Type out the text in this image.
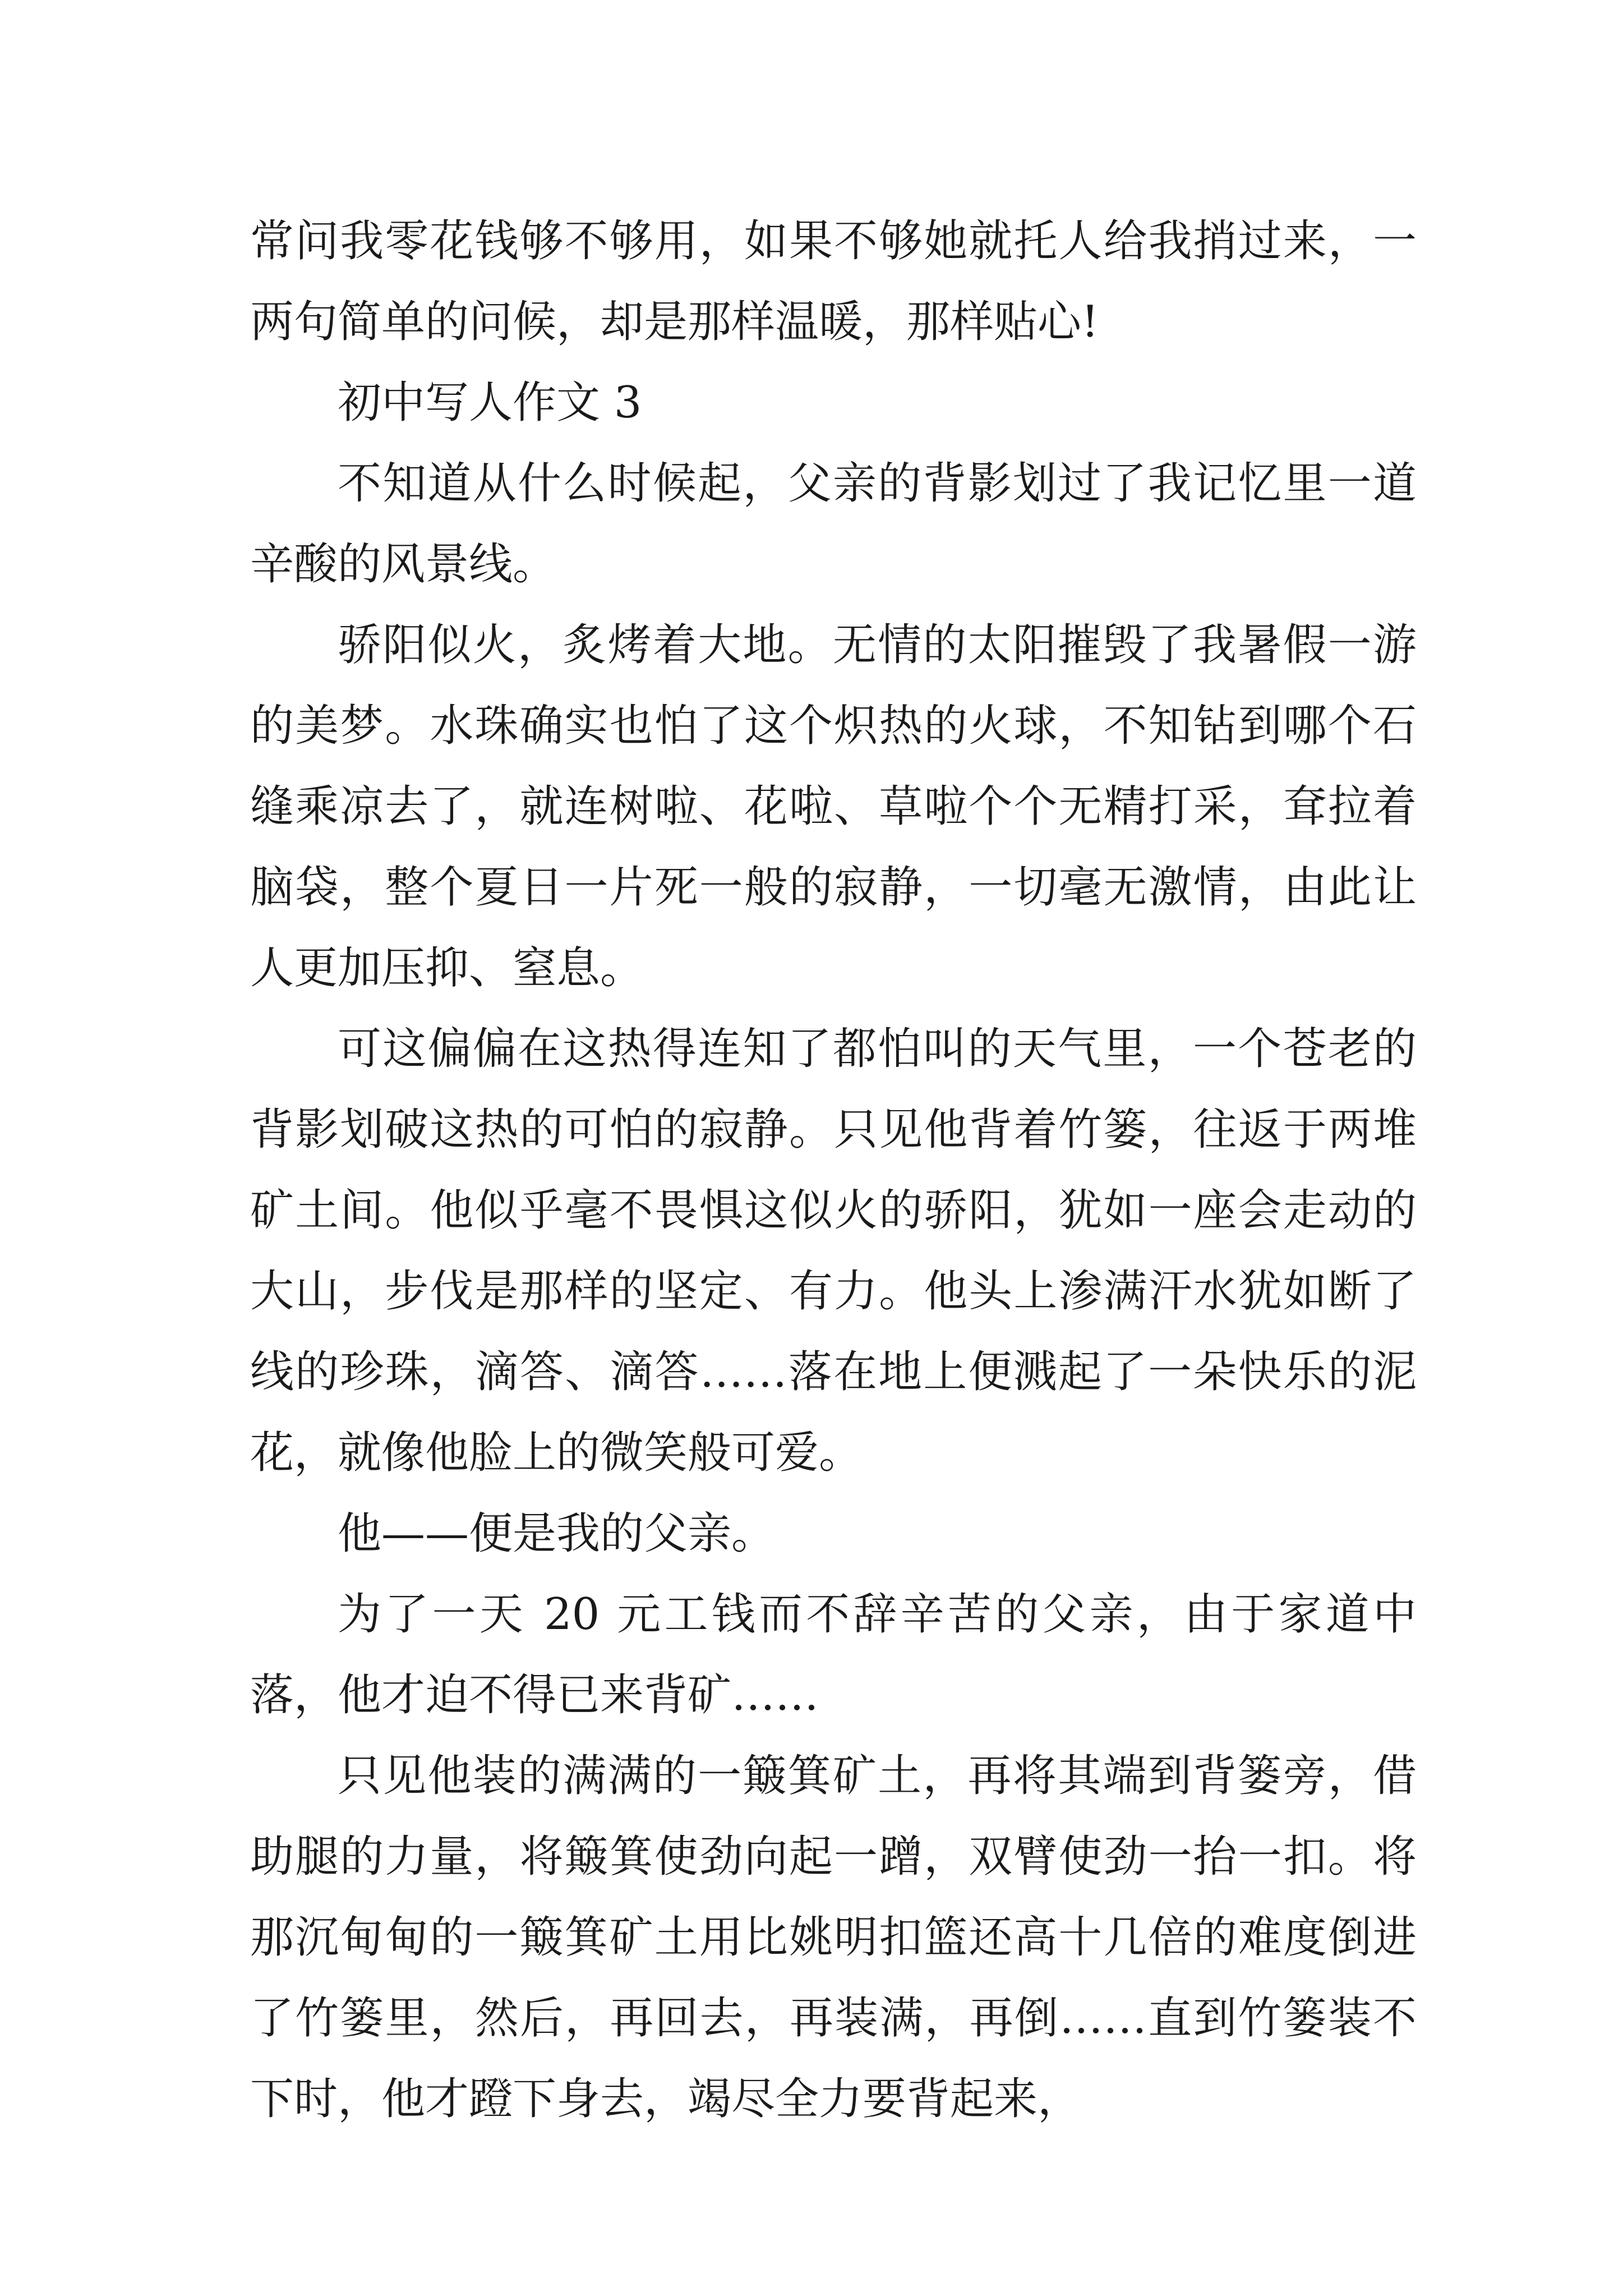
常问我零花钱够不够用，如果不够她就托人给我捎过来，一两句简单的问候，却是那样温暖，那样贴心!

初中写人作文 3

不知道从什么时候起，父亲的背影划过了我记忆里一道辛酸的风景线。

骄阳似火，炙烤着大地。无情的太阳摧毁了我暑假一游的美梦。水珠确实也怕了这个炽热的火球，不知钻到哪个石缝乘凉去了，就连树啦、花啦、草啦个个无精打采，耷拉着脑袋，整个夏日一片死一般的寂静，一切毫无激情，由此让人更加压抑、窒息。

可这偏偏在这热得连知了都怕叫的天气里，一个苍老的背影划破这热的可怕的寂静。只见他背着竹篓，往返于两堆矿土间。他似乎毫不畏惧这似火的骄阳，犹如一座会走动的大山，步伐是那样的坚定、有力。他头上渗满汗水犹如断了线的珍珠，滴答、滴答……落在地上便溅起了一朵快乐的泥花，就像他脸上的微笑般可爱。

他——便是我的父亲。

为了一天 20 元工钱而不辞辛苦的父亲，由于家道中落，他才迫不得已来背矿……

只见他装的满满的一簸箕矿土，再将其端到背篓旁，借助腿的力量，将簸箕使劲向起一蹭，双臂使劲一抬一扣。将那沉甸甸的一簸箕矿土用比姚明扣篮还高十几倍的难度倒进了竹篓里，然后，再回去，再装满，再倒……直到竹篓装不下时，他才蹬下身去，竭尽全力要背起来，
